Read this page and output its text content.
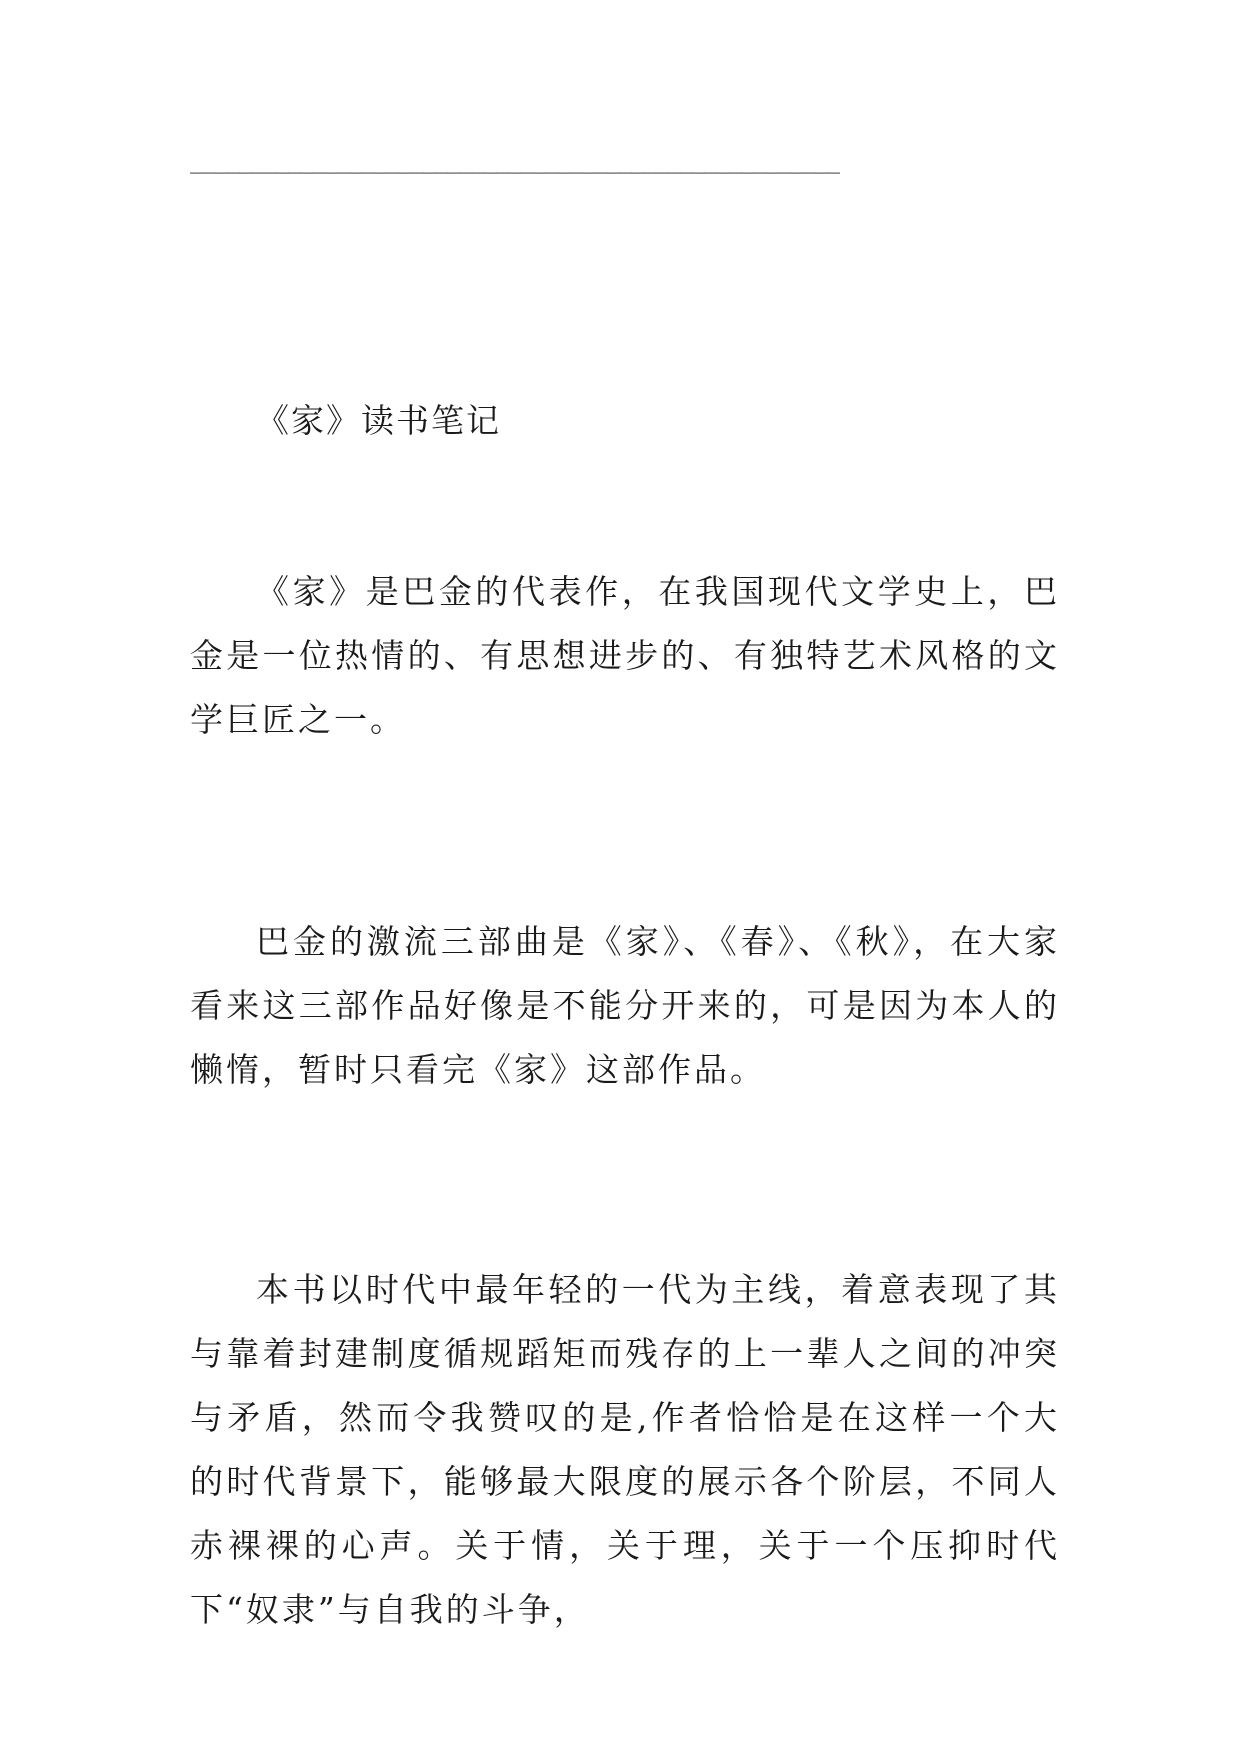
_____________________________________________________
《家》读书笔记

《家》是巴金的代表作，在我国现代文学史上，巴金是一位热情的、有思想进步的、有独特艺术风格的文学巨匠之一。

巴金的激流三部曲是《家》、《春》、《秋》，在大家看来这三部作品好像是不能分开来的，可是因为本人的懒惰，暂时只看完《家》这部作品。

本书以时代中最年轻的一代为主线，着意表现了其与靠着封建制度循规蹈矩而残存的上一辈人之间的冲突与矛盾，然而令我赞叹的是,作者恰恰是在这样一个大的时代背景下，能够最大限度的展示各个阶层，不同人赤裸裸的心声。关于情，关于理，关于一个压抑时代下“奴隶”与自我的斗争，
